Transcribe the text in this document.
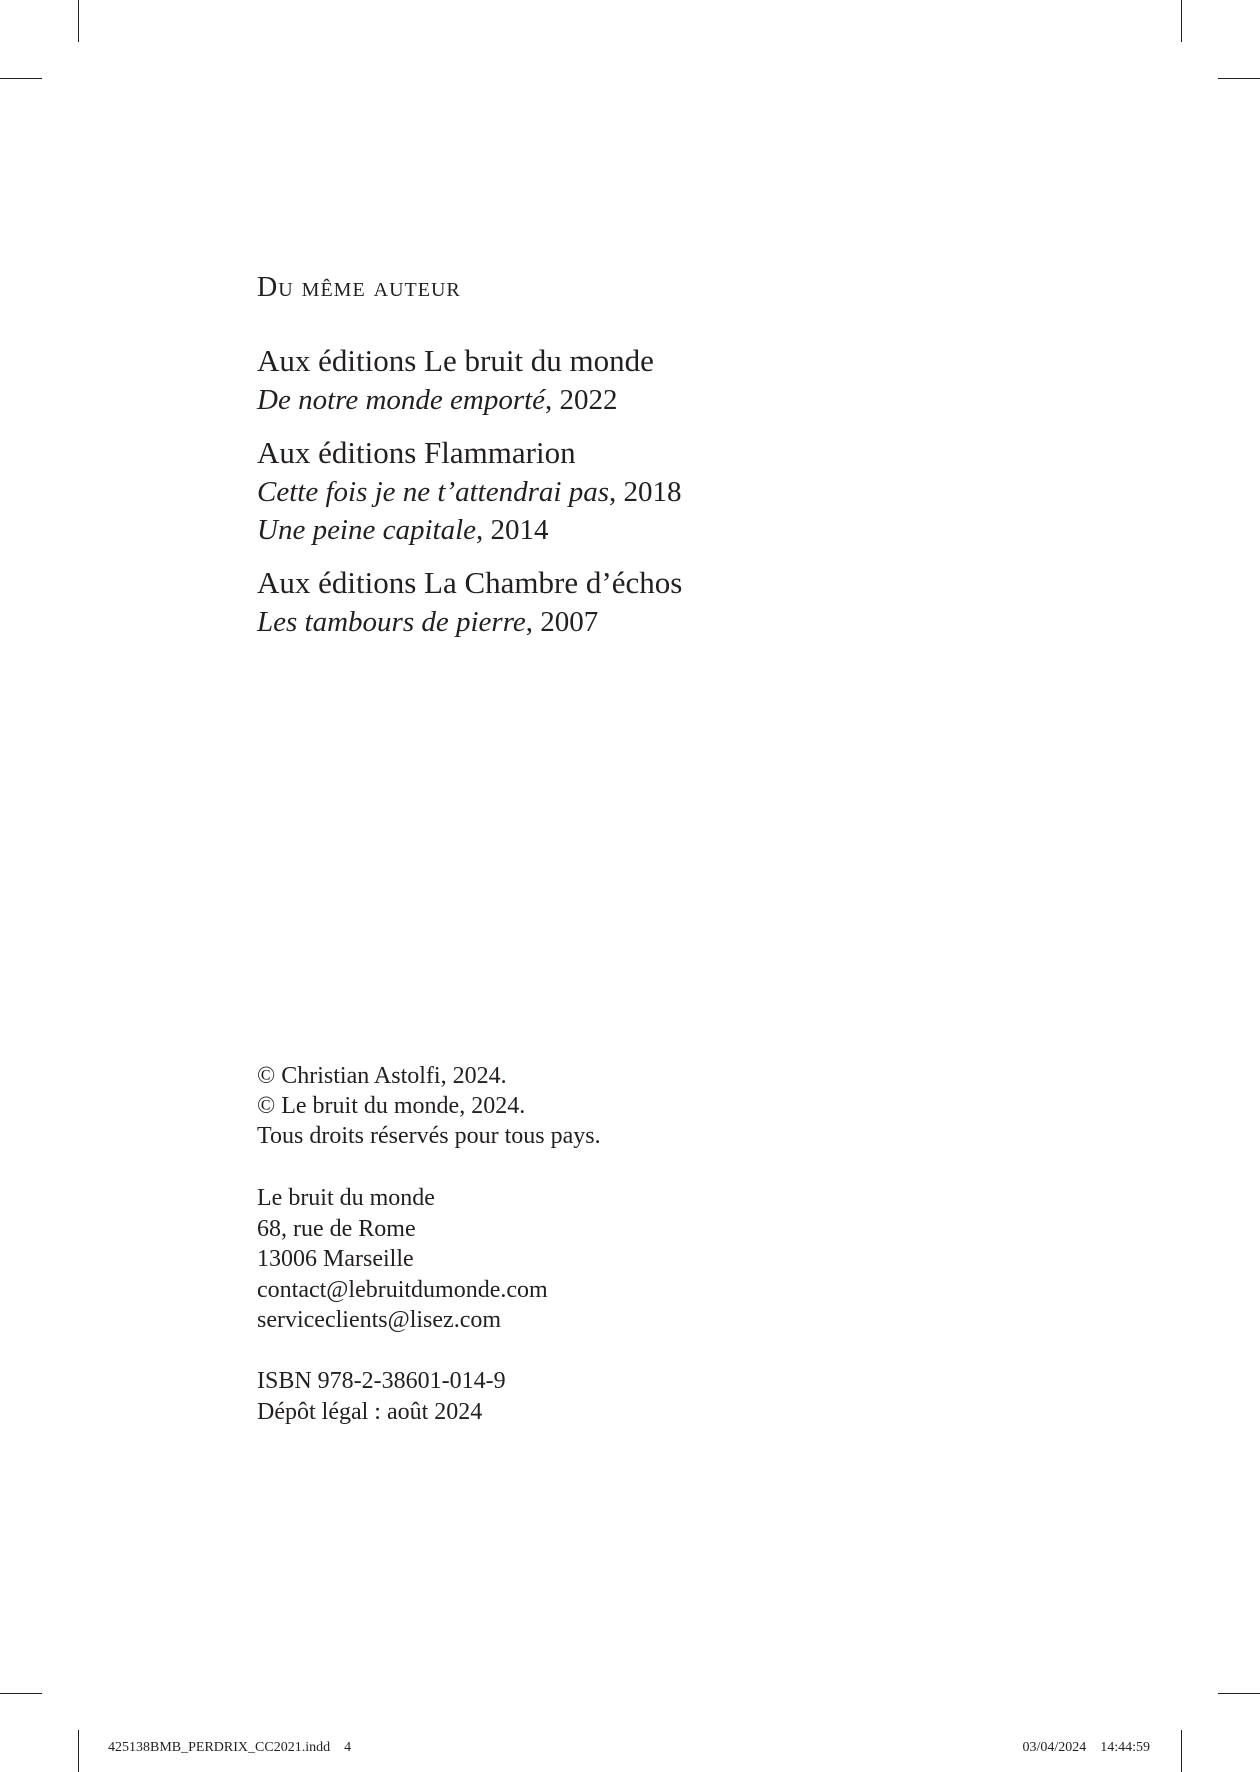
Du même auteur
Aux éditions Le bruit du monde
De notre monde emporté, 2022
Aux éditions Flammarion
Cette fois je ne t’attendrai pas, 2018
Une peine capitale, 2014
Aux éditions La Chambre d’échos
Les tambours de pierre, 2007
© Christian Astolfi, 2024.
© Le bruit du monde, 2024.
Tous droits réservés pour tous pays.
Le bruit du monde
68, rue de Rome
13006 Marseille
contact@lebruitdumonde.com
serviceclients@lisez.com
ISBN 978-2-38601-014-9
Dépôt légal : août 2024
425138BMB_PERDRIX_CC2021.indd 4	03/04/2024 14:44:59
